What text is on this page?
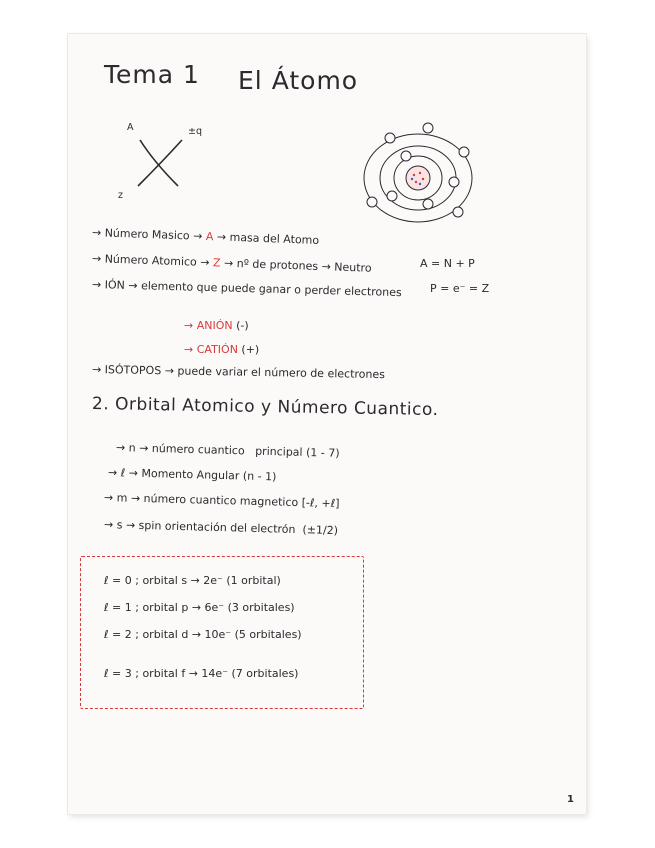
Tema 1 El Átomo
A	±q
z
→ Número Masico → A → masa del Atomo
A = N + P
→ Número Atomico → Z → nº de protones → Neutro
P = e⁻ = Z
→ IÓN → elemento que puede ganar o perder electrones
→ ANIÓN (-)
→ CATIÓN (+)
→ ISÓTOPOS → puede variar el número de electrones
2. Orbital Atomico y Número Cuantico.
→ n → número cuantico principal (1 - 7)
→ ℓ → Momento Angular (n - 1)
→ m → número cuantico magnetico [-ℓ, +ℓ]
→ s → spin orientación del electrón (±1/2)
ℓ = 0 ; orbital s → 2e⁻ (1 orbital)
ℓ = 1 ; orbital p → 6e⁻ (3 orbitales)
ℓ = 2 ; orbital d → 10e⁻ (5 orbitales)
ℓ = 3 ; orbital f → 14e⁻ (7 orbitales)
1
